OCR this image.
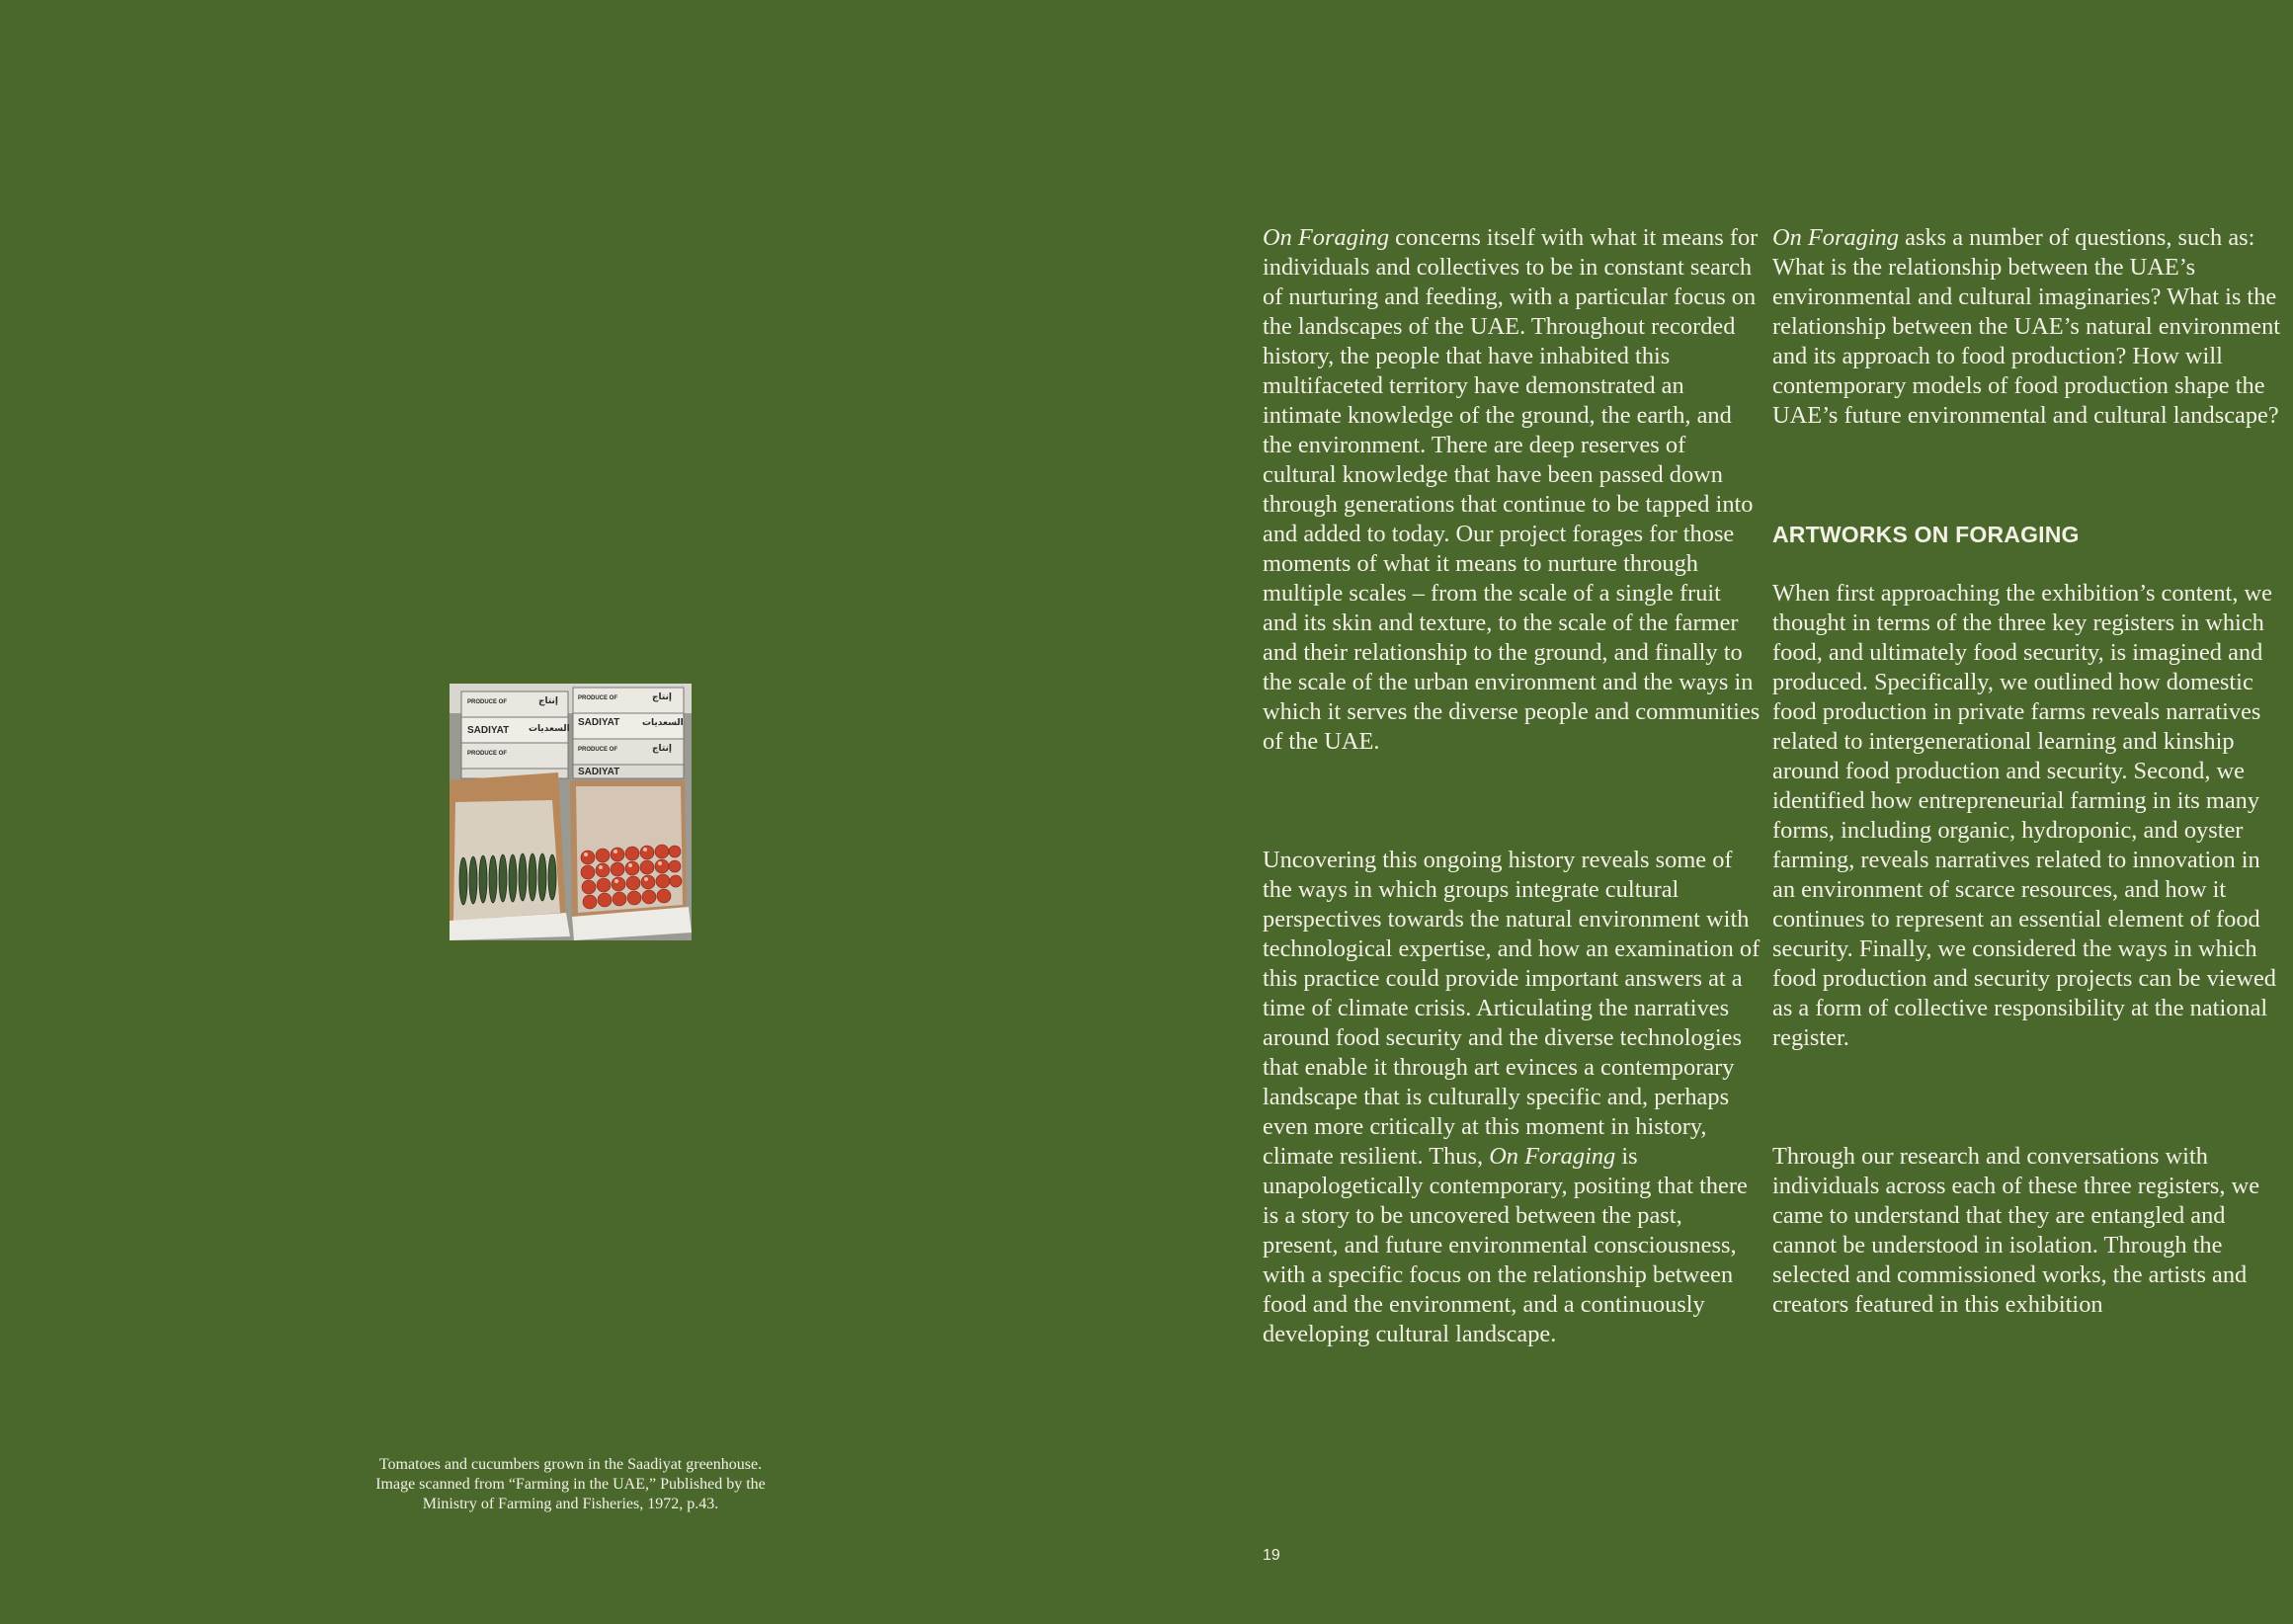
PRODUCE OF
SADIYAT
PRODUCE OF
PRODUCE OF
SADIYAT
PRODUCE OF
SADIYAT
إنتاج
السعديات
إنتاج
السعديات
إنتاج
Tomatoes and cucumbers grown in the Saadiyat greenhouse.
Image scanned from “Farming in the UAE,” Published by the
Ministry of Farming and Fisheries, 1972, p.43.

On Foraging concerns itself with what it means for individuals and collectives to be in constant search of nurturing and feeding, with a particular focus on the landscapes of the UAE. Throughout recorded history, the people that have inhabited this multifaceted territory have demonstrated an intimate knowledge of the ground, the earth, and the environment. There are deep reserves of cultural knowledge that have been passed down through generations that continue to be tapped into and added to today. Our project forages for those moments of what it means to nurture through multiple scales – from the scale of a single fruit and its skin and texture, to the scale of the farmer and their relationship to the ground, and finally to the scale of the urban environment and the ways in which it serves the diverse people and communities of the UAE.

Uncovering this ongoing history reveals some of the ways in which groups integrate cultural perspectives towards the natural environment with technological expertise, and how an examination of this practice could provide important answers at a time of climate crisis. Articulating the narratives around food security and the diverse technologies that enable it through art evinces a contemporary landscape that is culturally specific and, perhaps even more critically at this moment in history, climate resilient. Thus, On Foraging is unapologetically contemporary, positing that there is a story to be uncovered between the past, present, and future environmental consciousness, with a specific focus on the relationship between food and the environment, and a continuously developing cultural landscape.

On Foraging asks a number of questions, such as: What is the relationship between the UAE’s environmental and cultural imaginaries? What is the relationship between the UAE’s natural environment and its approach to food production? How will contemporary models of food production shape the UAE’s future environmental and cultural landscape?

ARTWORKS ON FORAGING

When first approaching the exhibition’s content, we thought in terms of the three key registers in which food, and ultimately food security, is imagined and produced. Specifically, we outlined how domestic food production in private farms reveals narratives related to intergenerational learning and kinship around food production and security. Second, we identified how entrepreneurial farming in its many forms, including organic, hydroponic, and oyster farming, reveals narratives related to innovation in an environment of scarce resources, and how it continues to represent an essential element of food security. Finally, we considered the ways in which food production and security projects can be viewed as a form of collective responsibility at the national register.

Through our research and conversations with individuals across each of these three registers, we came to understand that they are entangled and cannot be understood in isolation. Through the selected and commissioned works, the artists and creators featured in this exhibition

19
